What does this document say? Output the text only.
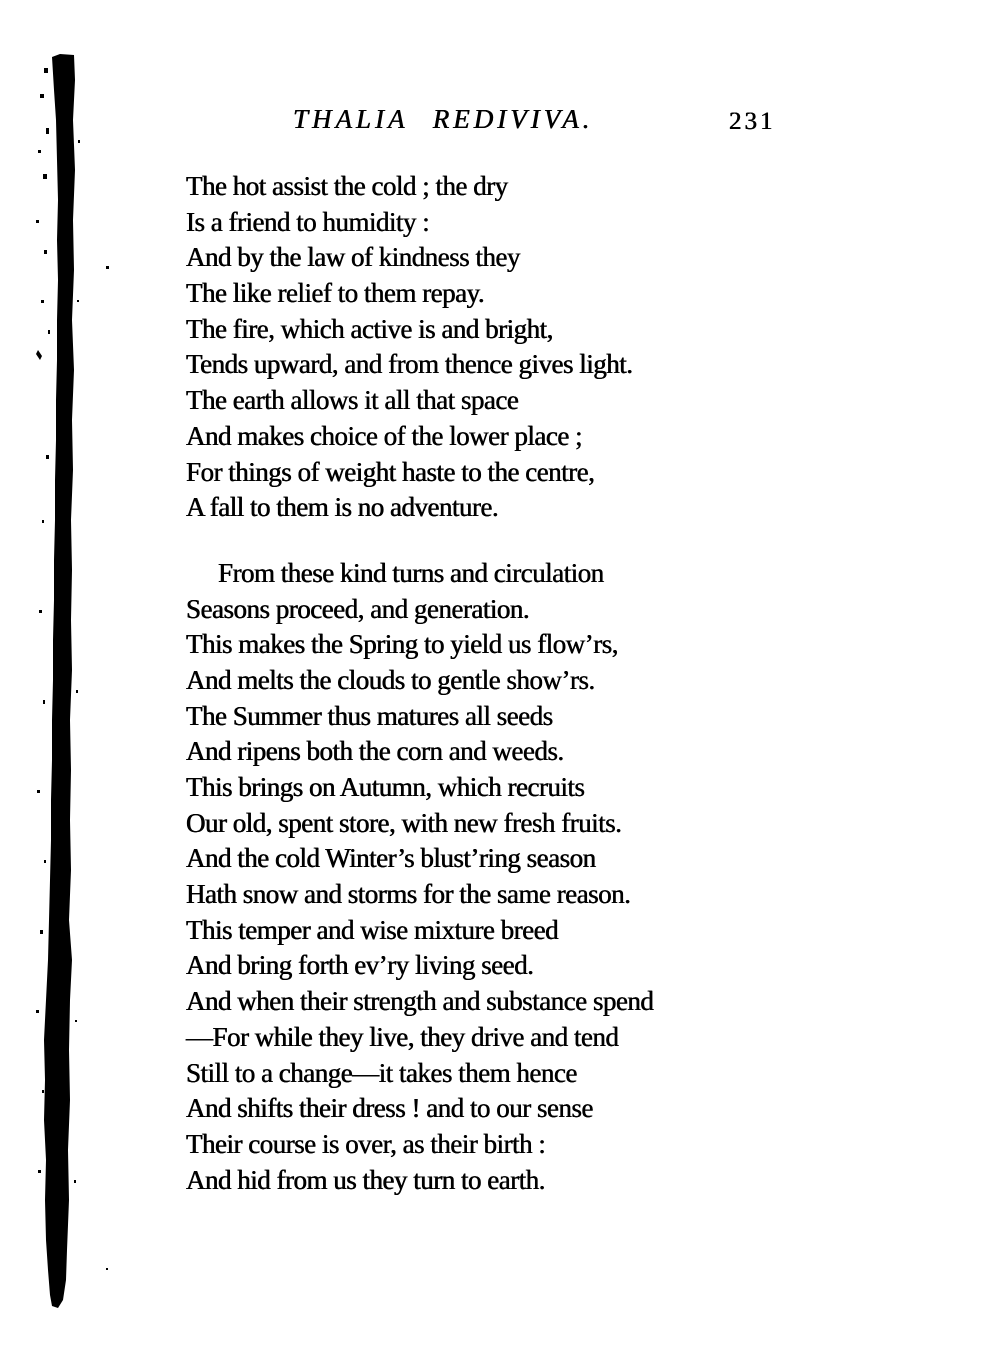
THALIA REDIVIVA.	231
The hot assist the cold ; the dry
Is a friend to humidity :
And by the law of kindness they
The like relief to them repay.
The fire, which active is and bright,
Tends upward, and from thence gives light.
The earth allows it all that space
And makes choice of the lower place ;
For things of weight haste to the centre,
A fall to them is no adventure.
From these kind turns and circulation
Seasons proceed, and generation.
This makes the Spring to yield us flow’rs,
And melts the clouds to gentle show’rs.
The Summer thus matures all seeds
And ripens both the corn and weeds.
This brings on Autumn, which recruits
Our old, spent store, with new fresh fruits.
And the cold Winter’s blust’ring season
Hath snow and storms for the same reason.
This temper and wise mixture breed
And bring forth ev’ry living seed.
And when their strength and substance spend
—For while they live, they drive and tend
Still to a change—it takes them hence
And shifts their dress ! and to our sense
Their course is over, as their birth :
And hid from us they turn to earth.
